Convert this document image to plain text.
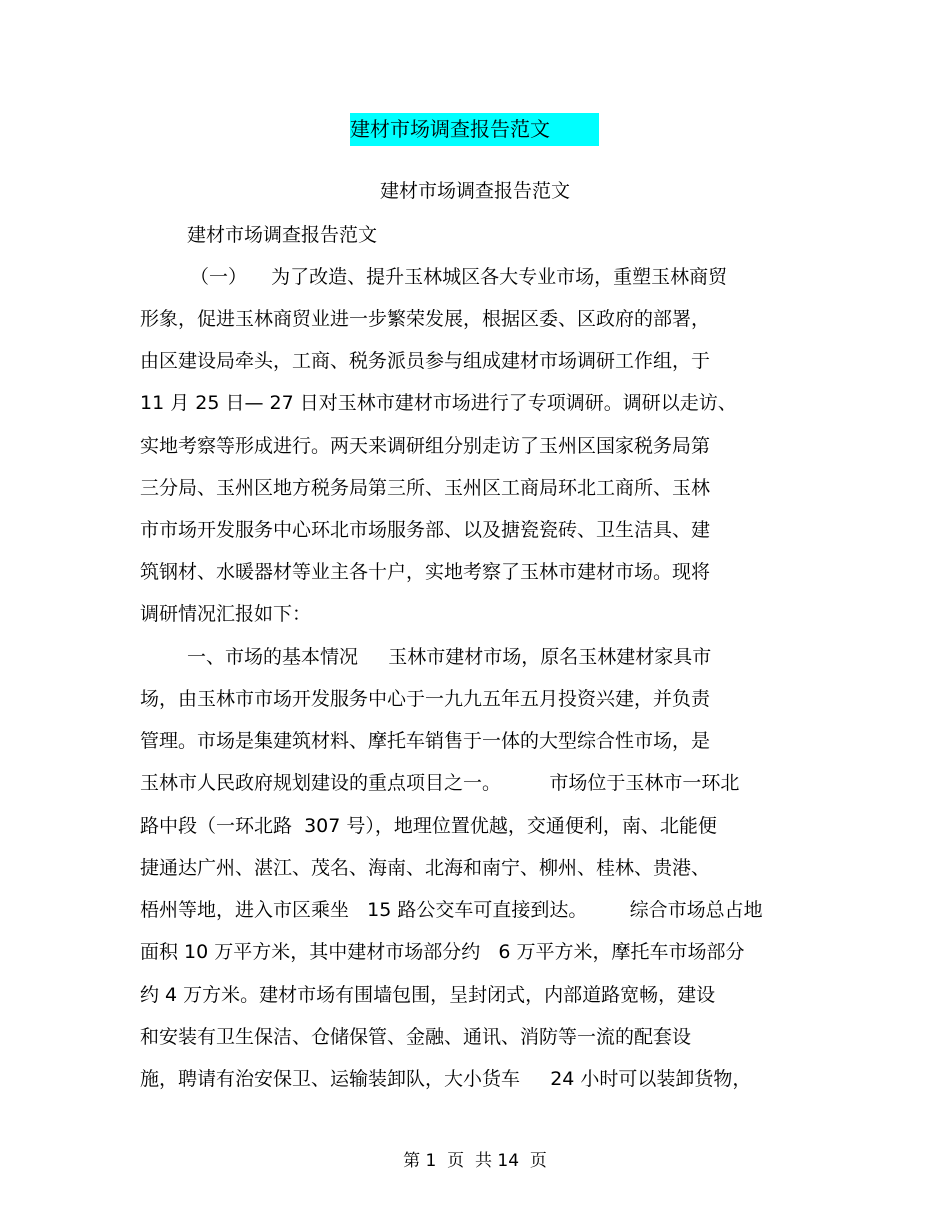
建材市场调查报告范文
建材市场调查报告范文
建材市场调查报告范文
（一）    为了改造、提升玉林城区各大专业市场，重塑玉林商贸
形象，促进玉林商贸业进一步繁荣发展，根据区委、区政府的部署，
由区建设局牵头，工商、税务派员参与组成建材市场调研工作组，于
11 月 25 日— 27 日对玉林市建材市场进行了专项调研。调研以走访、
实地考察等形成进行。两天来调研组分别走访了玉州区国家税务局第
三分局、玉州区地方税务局第三所、玉州区工商局环北工商所、玉林
市市场开发服务中心环北市场服务部、以及搪瓷瓷砖、卫生洁具、建
筑钢材、水暖器材等业主各十户，实地考察了玉林市建材市场。现将
调研情况汇报如下：
一、市场的基本情况     玉林市建材市场，原名玉林建材家具市
场，由玉林市市场开发服务中心于一九九五年五月投资兴建，并负责
管理。市场是集建筑材料、摩托车销售于一体的大型综合性市场，是
玉林市人民政府规划建设的重点项目之一。        市场位于玉林市一环北
路中段（一环北路  307 号），地理位置优越，交通便利，南、北能便
捷通达广州、湛江、茂名、海南、北海和南宁、柳州、桂林、贵港、
梧州等地，进入市区乘坐   15 路公交车可直接到达。       综合市场总占地
面积 10 万平方米，其中建材市场部分约   6 万平方米，摩托车市场部分
约 4 万方米。建材市场有围墙包围，呈封闭式，内部道路宽畅，建设
和安装有卫生保洁、仓储保管、金融、通讯、消防等一流的配套设
施，聘请有治安保卫、运输装卸队，大小货车     24 小时可以装卸货物，
第 1  页  共 14  页
